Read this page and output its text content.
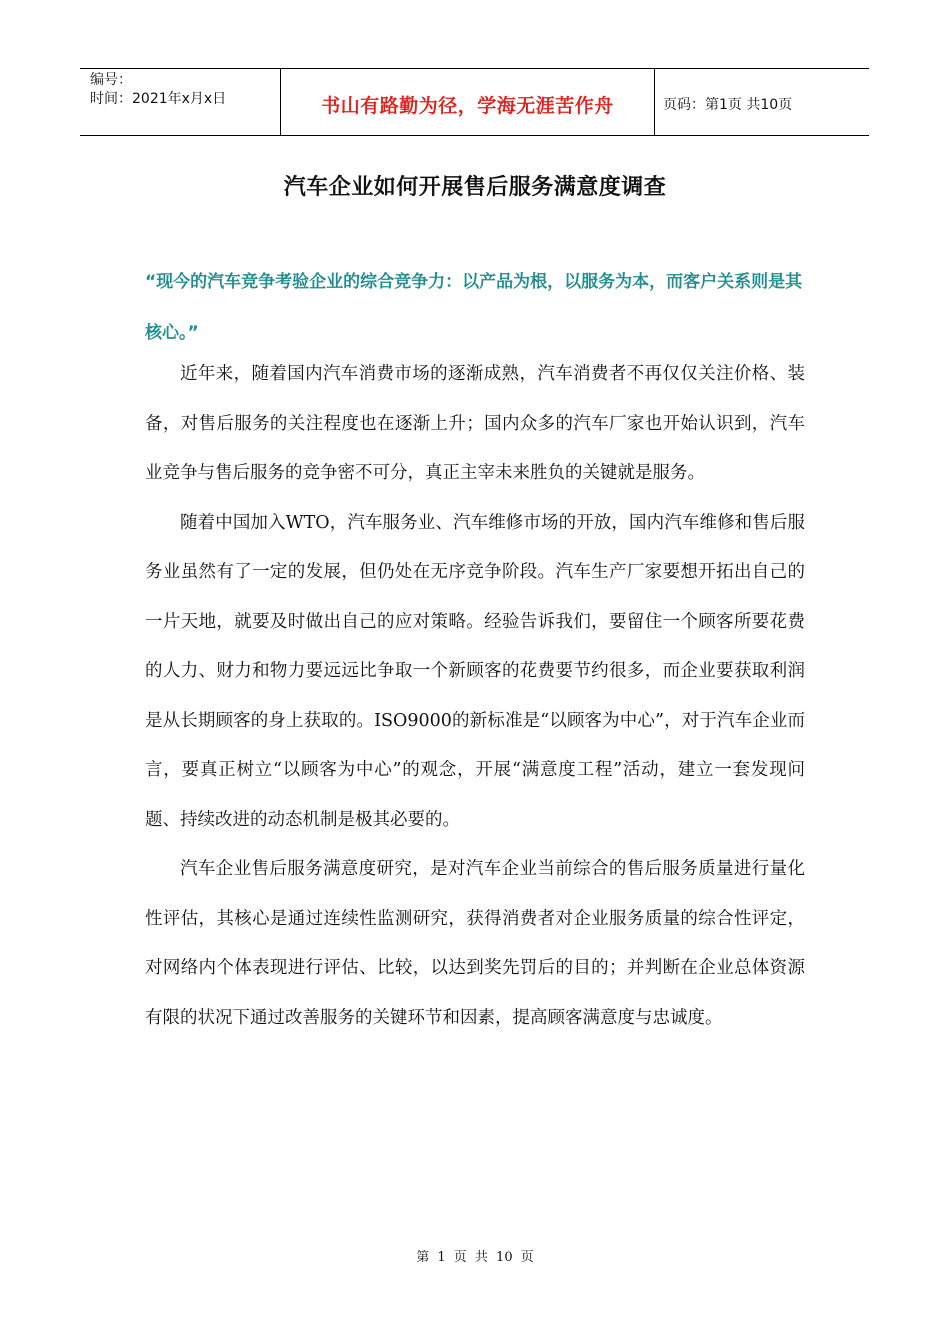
编号：
时间：2021年x月x日	书山有路勤为径，学海无涯苦作舟	页码：第1页 共10页
汽车企业如何开展售后服务满意度调查
“现今的汽车竞争考验企业的综合竞争力：以产品为根，以服务为本，而客户关系则是其核心。”

近年来，随着国内汽车消费市场的逐渐成熟，汽车消费者不再仅仅关注价格、装备，对售后服务的关注程度也在逐渐上升；国内众多的汽车厂家也开始认识到，汽车业竞争与售后服务的竞争密不可分，真正主宰未来胜负的关键就是服务。

随着中国加入WTO，汽车服务业、汽车维修市场的开放，国内汽车维修和售后服务业虽然有了一定的发展，但仍处在无序竞争阶段。汽车生产厂家要想开拓出自己的一片天地，就要及时做出自己的应对策略。经验告诉我们，要留住一个顾客所要花费的人力、财力和物力要远远比争取一个新顾客的花费要节约很多，而企业要获取利润是从长期顾客的身上获取的。ISO9000的新标准是“以顾客为中心”，对于汽车企业而言，要真正树立“以顾客为中心”的观念，开展“满意度工程”活动，建立一套发现问题、持续改进的动态机制是极其必要的。

汽车企业售后服务满意度研究，是对汽车企业当前综合的售后服务质量进行量化性评估，其核心是通过连续性监测研究，获得消费者对企业服务质量的综合性评定，对网络内个体表现进行评估、比较，以达到奖先罚后的目的；并判断在企业总体资源有限的状况下通过改善服务的关键环节和因素，提高顾客满意度与忠诚度。

第 1 页 共 10 页
